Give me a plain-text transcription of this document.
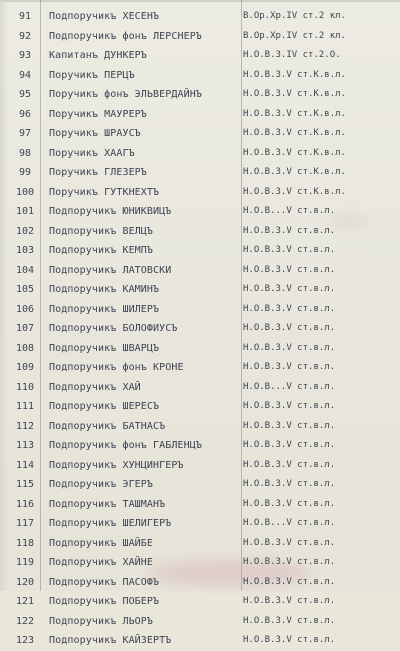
91	Подпоручикъ ХЕСЕНЪ	В.Ор.Хр.IV ст.2 кл.
92	Подпоручикъ фонъ ЛЕРСНЕРЪ	В.Ор.Хр.IV ст.2 кл.
93	Капитанъ ДУНКЕРЪ	Н.О.В.З.IV ст.2.О.
94	Поручикъ ПЕРЦЪ	Н.О.В.З.V ст.К.в.л.
95	Поручикъ фонъ ЭЛЬВЕРДАЙНЪ	Н.О.В.З.V ст.К.в.л.
96	Поручикъ МАУРЕРЪ	Н.О.В.З.V ст.К.в.л.
97	Поручикъ ШРАУСЪ	Н.О.В.З.V ст.К.в.л.
98	Поручикъ ХААГЪ	Н.О.В.З.V ст.К.в.л.
99	Поручикъ ГЛЕЗЕРЪ	Н.О.В.З.V ст.К.в.л.
100	Поручикъ ГУТКНЕХТЪ	Н.О.В.З.V ст.К.в.л.
101	Подпоручикъ ЮНИКВИЦЪ	Н.О.В...V ст.в.л.
102	Подпоручикъ ВЕЛЦЪ	Н.О.В.З.V ст.в.л.
103	Подпоручикъ КЕМПЪ	Н.О.В.З.V ст.в.л.
104	Подпоручикъ ЛАТОВСКИ	Н.О.В.З.V ст.в.л.
105	Подпоручикъ КАМИНЪ	Н.О.В.З.V ст.в.л.
106	Подпоручикъ ШИЛЕРЪ	Н.О.В.З.V ст.в.л.
107	Подпоручикъ БОЛОФИУСЪ	Н.О.В.З.V ст.в.л.
108	Подпоручикъ ШВАРЦЪ	Н.О.В.З.V ст.в.л.
109	Подпоручикъ фонъ КРОНЕ	Н.О.В.З.V ст.в.л.
110	Подпоручикъ ХАЙ	Н.О.В...V ст.в.л.
111	Подпоручикъ ШЕРЕСЪ	Н.О.В.З.V ст.в.л.
112	Подпоручикъ БАТНАСЪ	Н.О.В.З.V ст.в.л.
113	Подпоручикъ фонъ ГАБЛЕНЦЪ	Н.О.В.З.V ст.в.л.
114	Подпоручикъ ХУНЦИНГЕРЪ	Н.О.В.З.V ст.в.л.
115	Подпоручикъ ЭГЕРЪ	Н.О.В.З.V ст.в.л.
116	Подпоручикъ ТАШМАНЪ	Н.О.В.З.V ст.в.л.
117	Подпоручикъ ШЕЛИГЕРЪ	Н.О.В...V ст.в.л.
118	Подпоручикъ ШАЙБЕ	Н.О.В.З.V ст.в.л.
119	Подпоручикъ ХАЙНЕ	Н.О.В.З.V ст.в.л.
120	Подпоручикъ ПАСОФЪ	Н.О.В.З.V ст.в.л.
121	Подпоручикъ ПОБЕРЪ	Н.О.В.З.V ст.в.л.
122	Подпоручикъ ЛЬОРЪ	Н.О.В.З.V ст.в.л.
123	Подпоручикъ КАЙЗЕРТЪ	Н.О.В.З.V ст.в.л.
